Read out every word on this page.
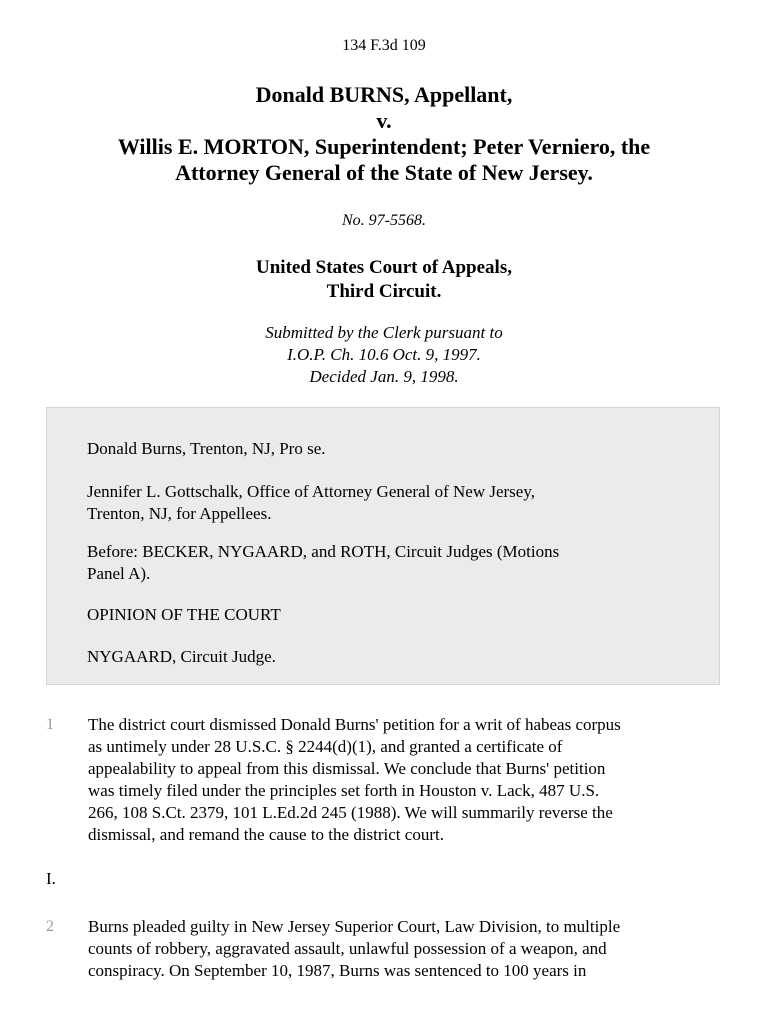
134 F.3d 109
Donald BURNS, Appellant,
v.
Willis E. MORTON, Superintendent; Peter Verniero, the
Attorney General of the State of New Jersey.
No. 97-5568.
United States Court of Appeals,
Third Circuit.
Submitted by the Clerk pursuant to
I.O.P. Ch. 10.6 Oct. 9, 1997.
Decided Jan. 9, 1998.

Donald Burns, Trenton, NJ, Pro se.

Jennifer L. Gottschalk, Office of Attorney General of New Jersey,
Trenton, NJ, for Appellees.

Before: BECKER, NYGAARD, and ROTH, Circuit Judges (Motions
Panel A).

OPINION OF THE COURT

NYGAARD, Circuit Judge.

1 The district court dismissed Donald Burns' petition for a writ of habeas corpus
as untimely under 28 U.S.C. § 2244(d)(1), and granted a certificate of
appealability to appeal from this dismissal. We conclude that Burns' petition
was timely filed under the principles set forth in Houston v. Lack, 487 U.S.
266, 108 S.Ct. 2379, 101 L.Ed.2d 245 (1988). We will summarily reverse the
dismissal, and remand the cause to the district court.
I.
2 Burns pleaded guilty in New Jersey Superior Court, Law Division, to multiple
counts of robbery, aggravated assault, unlawful possession of a weapon, and
conspiracy. On September 10, 1987, Burns was sentenced to 100 years in
